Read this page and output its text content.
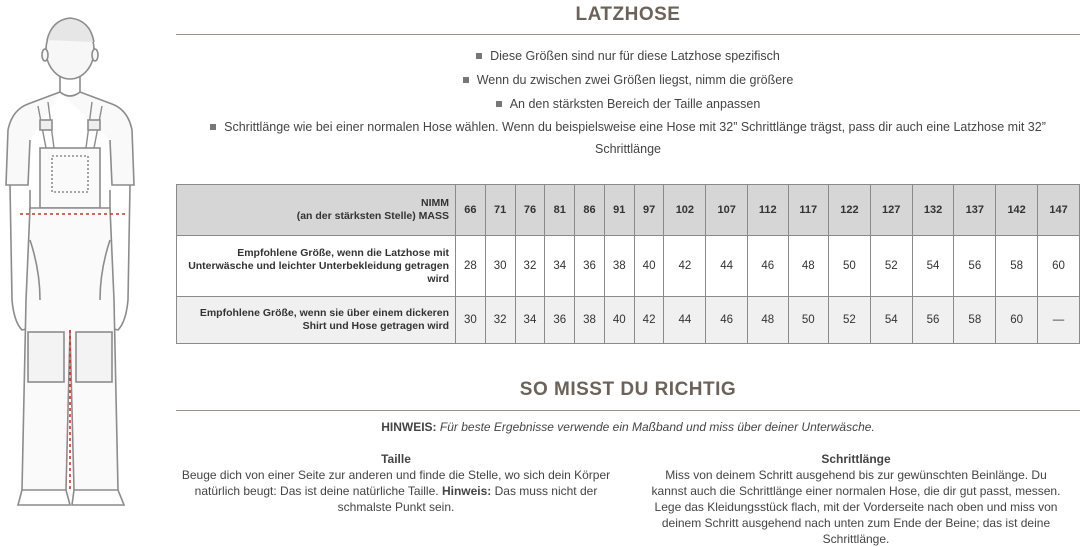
LATZHOSE
Diese Größen sind nur für diese Latzhose spezifisch
Wenn du zwischen zwei Größen liegst, nimm die größere
An den stärksten Bereich der Taille anpassen
Schrittlänge wie bei einer normalen Hose wählen. Wenn du beispielsweise eine Hose mit 32” Schrittlänge trägst, pass dir auch eine Latzhose mit 32” Schrittlänge
NIMM
(an der stärksten Stelle) MASS	66	71	76	81	86	91	97	102	107	112	117	122	127	132	137	142	147
Empfohlene Größe, wenn die Latzhose mit Unterwäsche und leichter Unterbekleidung getragen wird	28	30	32	34	36	38	40	42	44	46	48	50	52	54	56	58	60
Empfohlene Größe, wenn sie über einem dickeren Shirt und Hose getragen wird	30	32	34	36	38	40	42	44	46	48	50	52	54	56	58	60	—
SO MISST DU RICHTIG
HINWEIS: Für beste Ergebnisse verwende ein Maßband und miss über deiner Unterwäsche.
Taille
Beuge dich von einer Seite zur anderen und finde die Stelle, wo sich dein Körper natürlich beugt: Das ist deine natürliche Taille. Hinweis: Das muss nicht der schmalste Punkt sein.
Schrittlänge
Miss von deinem Schritt ausgehend bis zur gewünschten Beinlänge. Du kannst auch die Schrittlänge einer normalen Hose, die dir gut passt, messen. Lege das Kleidungsstück flach, mit der Vorderseite nach oben und miss von deinem Schritt ausgehend nach unten zum Ende der Beine; das ist deine Schrittlänge.
